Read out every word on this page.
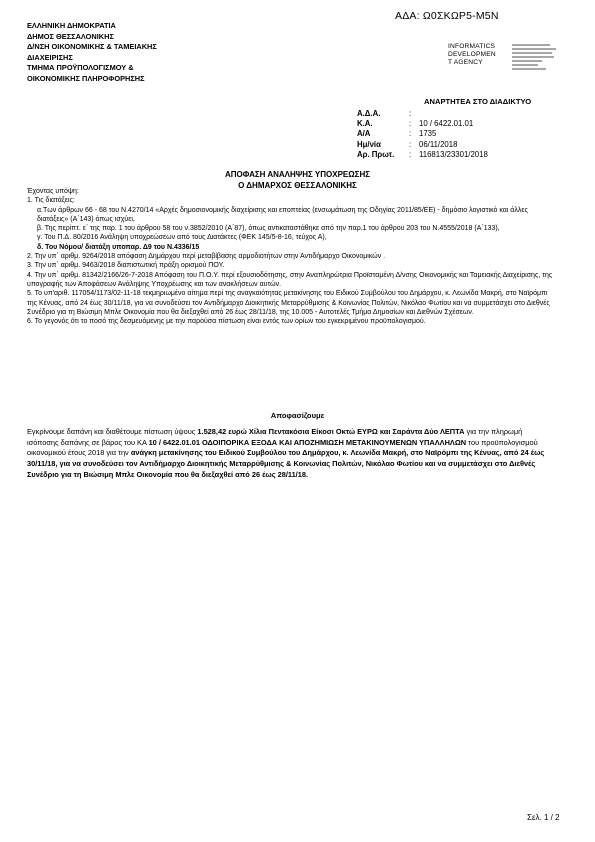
ΑΔΑ: Ω0ΣΚΩΡ5-Μ5Ν
ΕΛΛΗΝΙΚΗ ΔΗΜΟΚΡΑΤΙΑ
ΔΗΜΟΣ ΘΕΣΣΑΛΟΝΙΚΗΣ
Δ/ΝΣΗ ΟΙΚΟΝΟΜΙΚΗΣ & ΤΑΜΕΙΑΚΗΣ
ΔΙΑΧΕΙΡΙΣΗΣ
ΤΜΗΜΑ ΠΡΟΫΠΟΛΟΓΙΣΜΟΥ &
ΟΙΚΟΝΟΜΙΚΗΣ ΠΛΗΡΟΦΟΡΗΣΗΣ
INFORMATICS
DEVELOPMEN
T AGENCY
ΑΝΑΡΤΗΤΕΑ ΣΤΟ ΔΙΑΔΙΚΤΥΟ
Α.Δ.Α.	:	
Κ.Α.	:	10 / 6422.01.01
Α/Α	:	1735
Ημ/νία	:	06/11/2018
Αρ. Πρωτ.	:	116813/23301/2018
ΑΠΟΦΑΣΗ ΑΝΑΛΗΨΗΣ ΥΠΟΧΡΕΩΣΗΣ
Ο ΔΗΜΑΡΧΟΣ ΘΕΣΣΑΛΟΝΙΚΗΣ

Έχοντας υπόψη:

1. Τις διατάξεις:

α.Των άρθρων 66 - 68 του Ν.4270/14 «Αρχές δημοσιονομικής διαχείρισης και εποπτείας (ενσωμάτωση της Οδηγίας 2011/85/ΕΕ) - δημόσιο λογιστικό και άλλες διατάξεις» (Α΄143) όπως ισχύει,

β. Της περίπτ. ε΄ της παρ. 1 του άρθρου 58 του ν.3852/2010 (Α΄87), όπως αντικαταστάθηκε από την παρ.1 του άρθρου 203 του Ν.4555/2018 (Α΄133),

γ. Του Π.Δ. 80/2016 Ανάληψη υποχρεώσεων από τους Διατάκτες (ΦΕΚ 145/5-8-16, τεύχος Α),

δ. Του Νόμου/ διατάξη υποπαρ. Δ9 του Ν.4336/15

2. Την υπ΄ αριθμ. 9264/2018 απόφαση Δημάρχου περί μεταβίβασης αρμοδιοτήτων στην Αντιδήμαρχο Οικονομικών .

3. Την υπ΄ αριθμ. 9463/2018 διαπιστωτική πράξη ορισμού ΠΟΥ.

4. Την υπ΄ αριθμ. 81342/2166/26-7-2018 Απόφαση του Π.Ο.Υ. περί εξουσιοδότησης, στην Αναπληρώτρια Προϊσταμένη Δ/νσης Οικονομικής και Ταμειακής Διαχείρισης, της υπογραφής των Αποφάσεων Ανάληψης Υποχρέωσης και των ανακλήσεων αυτών.

5. Το υπ'αριθ. 117054/1173/02-11-18 τεκμηριωμένο αίτημα περί της αναγκαιότητας μετακίνησης του Ειδικού Συμβούλου του Δημάρχου, κ. Λεωνίδα Μακρή, στο Ναϊρόμπι της Κένυας, από 24 έως 30/11/18, για να συνοδεύσει τον Αντιδήμαρχο Διοικητικής Μεταρρύθμισης & Κοινωνίας Πολιτών, Νικόλαο Φωτίου και να συμμετάσχει στο Διεθνές Συνέδριο για τη Βιώσιμη Μπλε Οικονομία που θα διεξαχθεί από 26 έως 28/11/18, της 10.005 - Αυτοτελές Τμήμα Δημοσίων και Διεθνών Σχέσεων.

6. Το γεγονός ότι το ποσό της δεσμευόμενης με την παρούσα πίστωση είναι εντός των ορίων του εγκεκριμένου προϋπολογισμού.

Αποφασίζουμε

Εγκρίνουμε δαπάνη και διαθέτουμε πίστωση ύψους 1.528,42 ευρώ Χίλια Πεντακόσια Είκοσι Οκτώ ΕΥΡΩ και Σαράντα Δύο ΛΕΠΤΑ για την πληρωμή ισόποσης δαπάνης σε βάρος του ΚΑ 10 / 6422.01.01 ΟΔΟΙΠΟΡΙΚΑ ΕΞΟΔΑ ΚΑΙ ΑΠΟΖΗΜΙΩΣΗ ΜΕΤΑΚΙΝΟΥΜΕΝΩΝ ΥΠΑΛΛΗΛΩΝ του προϋπολογισμού οικονομικού έτους 2018 για την ανάγκη μετακίνησης του Ειδικού Συμβούλου του Δημάρχου, κ. Λεωνίδα Μακρή, στο Ναϊρόμπι της Κένυας, από 24 έως 30/11/18, για να συνοδεύσει τον Αντιδήμαρχο Διοικητικής Μεταρρύθμισης & Κοινωνίας Πολιτών, Νικόλαο Φωτίου και να συμμετάσχει στο Διεθνές Συνέδριο για τη Βιώσιμη Μπλε Οικονομία που θα διεξαχθεί από 26 έως 28/11/18.

Σελ. 1 / 2
